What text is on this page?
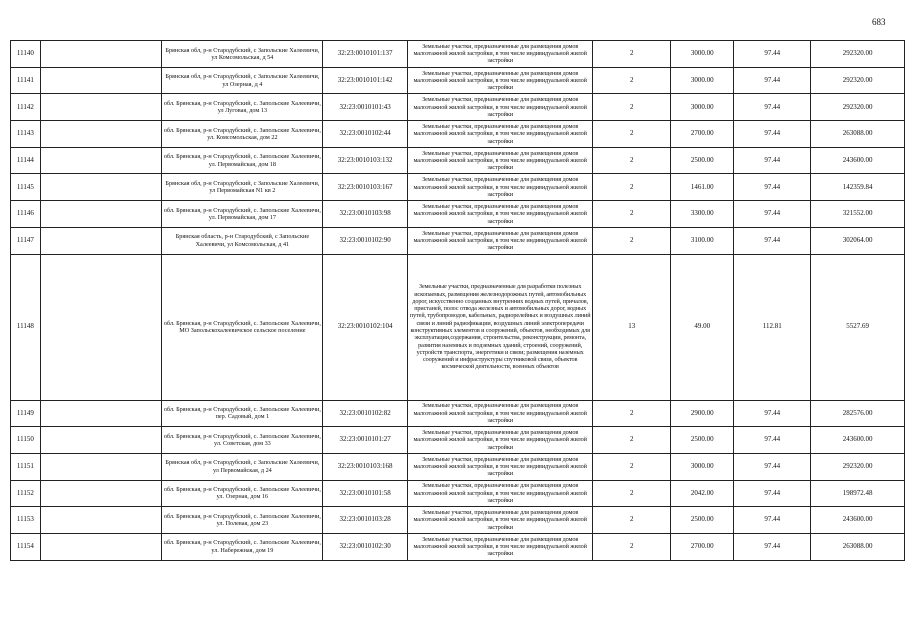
683
11140		Брянская обл, р-н Стародубский, с Запольские Халеевичи, ул Комсомольская, д 54	32:23:0010101:137	Земельные участки, предназначенные для размещения домов малоэтажной жилой застройки, в том числе индивидуальной жилой застройки	2	3000.00	97.44	292320.00
11141		Брянская обл, р-н Стародубский, с Запольские Халеевичи, ул Озерная, д 4	32:23:0010101:142	Земельные участки, предназначенные для размещения домов малоэтажной жилой застройки, в том числе индивидуальной жилой застройки	2	3000.00	97.44	292320.00
11142		обл. Брянская, р-н Стародубский, с. Запольские Халеевичи, ул Луговая, дом 13	32:23:0010101:43	Земельные участки, предназначенные для размещения домов малоэтажной жилой застройки, в том числе индивидуальной жилой застройки	2	3000.00	97.44	292320.00
11143		обл. Брянская, р-н Стародубский, с. Запольские Халеевичи, ул. Комсомольская, дом 22	32:23:0010102:44	Земельные участки, предназначенные для размещения домов малоэтажной жилой застройки, в том числе индивидуальной жилой застройки	2	2700.00	97.44	263088.00
11144		обл. Брянская, р-н Стародубский, с. Запольские Халеевичи, ул. Первомайская, дом 18	32:23:0010103:132	Земельные участки, предназначенные для размещения домов малоэтажной жилой застройки, в том числе индивидуальной жилой застройки	2	2500.00	97.44	243600.00
11145		Брянская обл, р-н Стародубский, с Запольские Халеевичи, ул Первомайская N1 кв 2	32:23:0010103:167	Земельные участки, предназначенные для размещения домов малоэтажной жилой застройки, в том числе индивидуальной жилой застройки	2	1461.00	97.44	142359.84
11146		обл. Брянская, р-н Стародубский, с. Запольские Халеевичи, ул. Первомайская, дом 17	32:23:0010103:98	Земельные участки, предназначенные для размещения домов малоэтажной жилой застройки, в том числе индивидуальной жилой застройки	2	3300.00	97.44	321552.00
11147		Брянская область, р-н Стародубский, с Запольские Халеевичи, ул Комсомольская, д 41	32:23:0010102:90	Земельные участки, предназначенные для размещения домов малоэтажной жилой застройки, в том числе индивидуальной жилой застройки	2	3100.00	97.44	302064.00
11148		обл. Брянская, р-н Стародубский, с. Запольские Халеевичи, МО Запольскохалеевичское сельское поселение	32:23:0010102:104	Земельные участки, предназначенные для разработки полезных ископаемых, размещения железнодорожных путей, автомобильных дорог, искусственно созданных внутренних водных путей, причалов, пристаней, полос отвода железных и автомобильных дорог, водных путей, трубопроводов, кабельных, радиорелейных и воздушных линий связи и линий радиофикации, воздушных линий электропередачи конструктивных элементов и сооружений, объектов, необходимых для эксплуатации,содержания, строительства, реконструкции, ремонта, развития наземных и подземных зданий, строений, сооружений, устройств транспорта, энергетики и связи; размещения наземных сооружений и инфраструктуры спутниковой связи, объектов космической деятельности, военных объектов	13	49.00	112.81	5527.69
11149		обл. Брянская, р-н Стародубский, с. Запольские Халеевичи, пер. Садовый, дом 1	32:23:0010102:82	Земельные участки, предназначенные для размещения домов малоэтажной жилой застройки, в том числе индивидуальной жилой застройки	2	2900.00	97.44	282576.00
11150		обл. Брянская, р-н Стародубский, с. Запольские Халеевичи, ул. Советская, дом 33	32:23:0010101:27	Земельные участки, предназначенные для размещения домов малоэтажной жилой застройки, в том числе индивидуальной жилой застройки	2	2500.00	97.44	243600.00
11151		Брянская обл, р-н Стародубский, с Запольские Халеевичи, ул Первомайская, д 24	32:23:0010103:168	Земельные участки, предназначенные для размещения домов малоэтажной жилой застройки, в том числе индивидуальной жилой застройки	2	3000.00	97.44	292320.00
11152		обл. Брянская, р-н Стародубский, с. Запольские Халеевичи, ул. Озерная, дом 16	32:23:0010101:58	Земельные участки, предназначенные для размещения домов малоэтажной жилой застройки, в том числе индивидуальной жилой застройки	2	2042.00	97.44	198972.48
11153		обл. Брянская, р-н Стародубский, с. Запольские Халеевичи, ул. Полевая, дом 23	32:23:0010103:28	Земельные участки, предназначенные для размещения домов малоэтажной жилой застройки, в том числе индивидуальной жилой застройки	2	2500.00	97.44	243600.00
11154		обл. Брянская, р-н Стародубский, с. Запольские Халеевичи, ул. Набережная, дом 19	32:23:0010102:30	Земельные участки, предназначенные для размещения домов малоэтажной жилой застройки, в том числе индивидуальной жилой застройки	2	2700.00	97.44	263088.00
